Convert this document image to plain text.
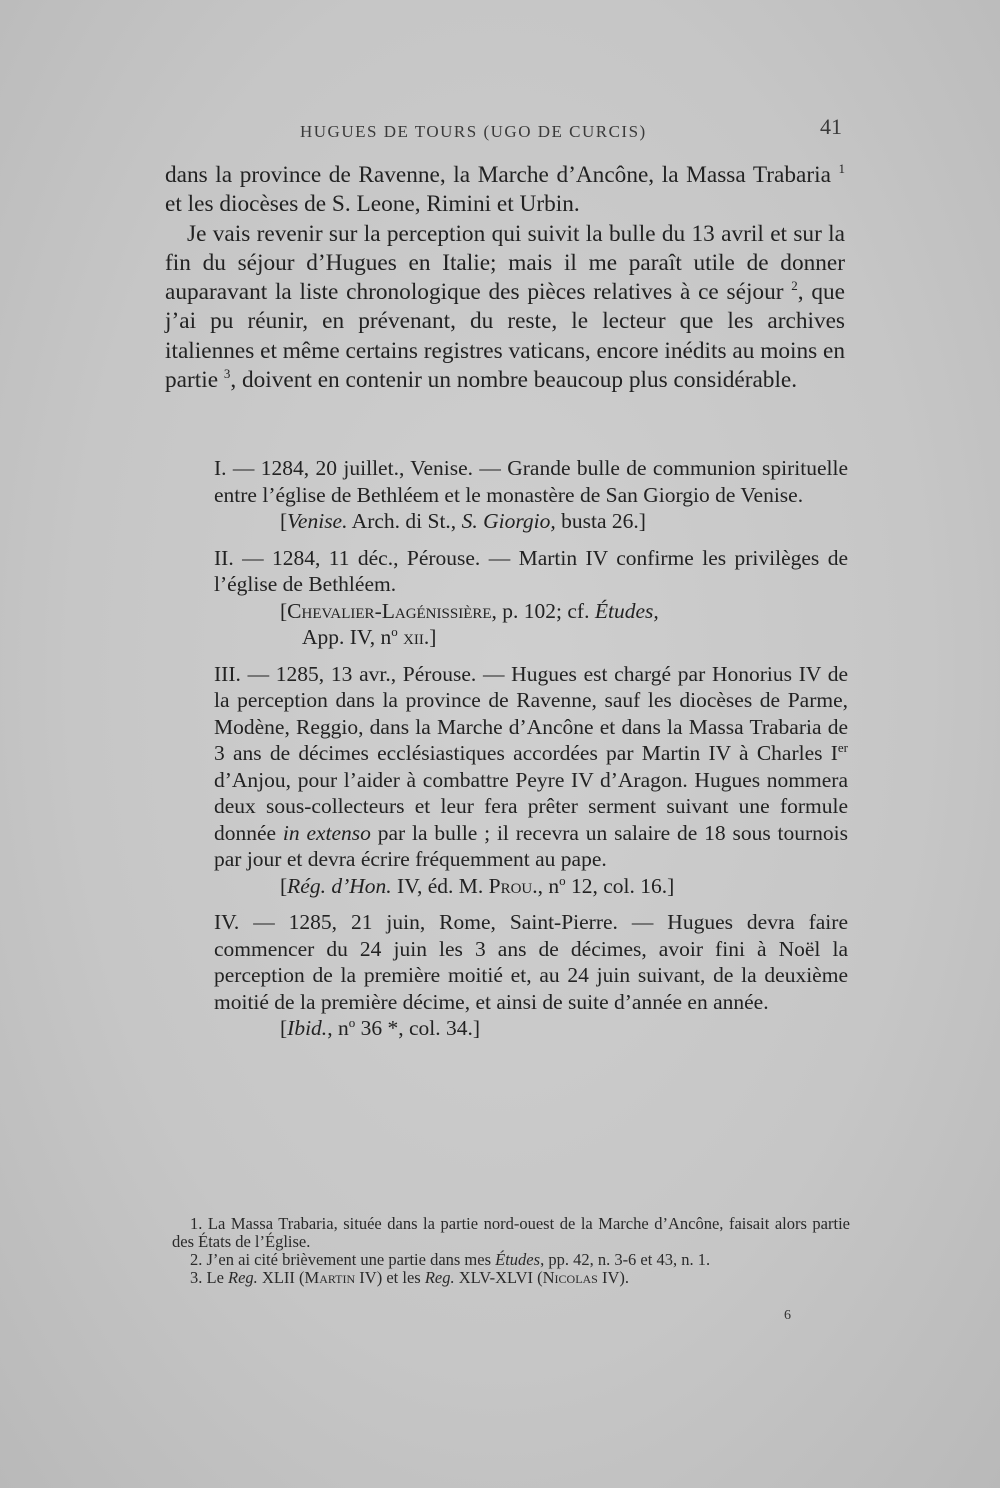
HUGUES DE TOURS (UGO DE CURCIS)	41

dans la province de Ravenne, la Marche d’Ancône, la Massa Trabaria $^1$ et les diocèses de S. Leone, Rimini et Urbin.

Je vais revenir sur la perception qui suivit la bulle du 13 avril et sur la fin du séjour d’Hugues en Italie; mais il me paraît utile de donner auparavant la liste chronologique des pièces relatives à ce séjour $^2$, que j’ai pu réunir, en prévenant, du reste, le lecteur que les archives italiennes et même certains registres vaticans, encore inédits au moins en partie $^3$, doivent en contenir un nombre beaucoup plus considérable.

I. — 1284, 20 juillet., Venise. — Grande bulle de communion spirituelle entre l’église de Bethléem et le monastère de San Giorgio de Venise.
[Venise. Arch. di St., S. Giorgio, busta 26.]
II. — 1284, 11 déc., Pérouse. — Martin IV confirme les privilèges de l’église de Bethléem.
[Chevalier-Lagénissière, p. 102; cf. Études,
App. IV, $n^o$ xii.]
III. — 1285, 13 avr., Pérouse. — Hugues est chargé par Honorius IV de la perception dans la province de Ravenne, sauf les diocèses de Parme, Modène, Reggio, dans la Marche d’Ancône et dans la Massa Trabaria de 3 ans de décimes ecclésiastiques accordées par Martin IV à Charles Ier d’Anjou, pour l’aider à combattre Peyre IV d’Aragon. Hugues nommera deux sous-collecteurs et leur fera prêter serment suivant une formule donnée in extenso par la bulle ; il recevra un salaire de 18 sous tournois par jour et devra écrire fréquemment au pape.
[Rég. d’Hon. IV, éd. M. Prou., $n^o$ 12, col. 16.]
IV. — 1285, 21 juin, Rome, Saint-Pierre. — Hugues devra faire commencer du 24 juin les 3 ans de décimes, avoir fini à Noël la perception de la première moitié et, au 24 juin suivant, de la deuxième moitié de la première décime, et ainsi de suite d’année en année.
[Ibid., $n^o$ 36 *, col. 34.]

1. La Massa Trabaria, située dans la partie nord-ouest de la Marche d’Ancône, faisait alors partie des États de l’Église.

2. J’en ai cité brièvement une partie dans mes Études, pp. 42, n. 3-6 et 43, n. 1.

3. Le Reg. XLII (Martin IV) et les Reg. XLV-XLVI (Nicolas IV).

6
